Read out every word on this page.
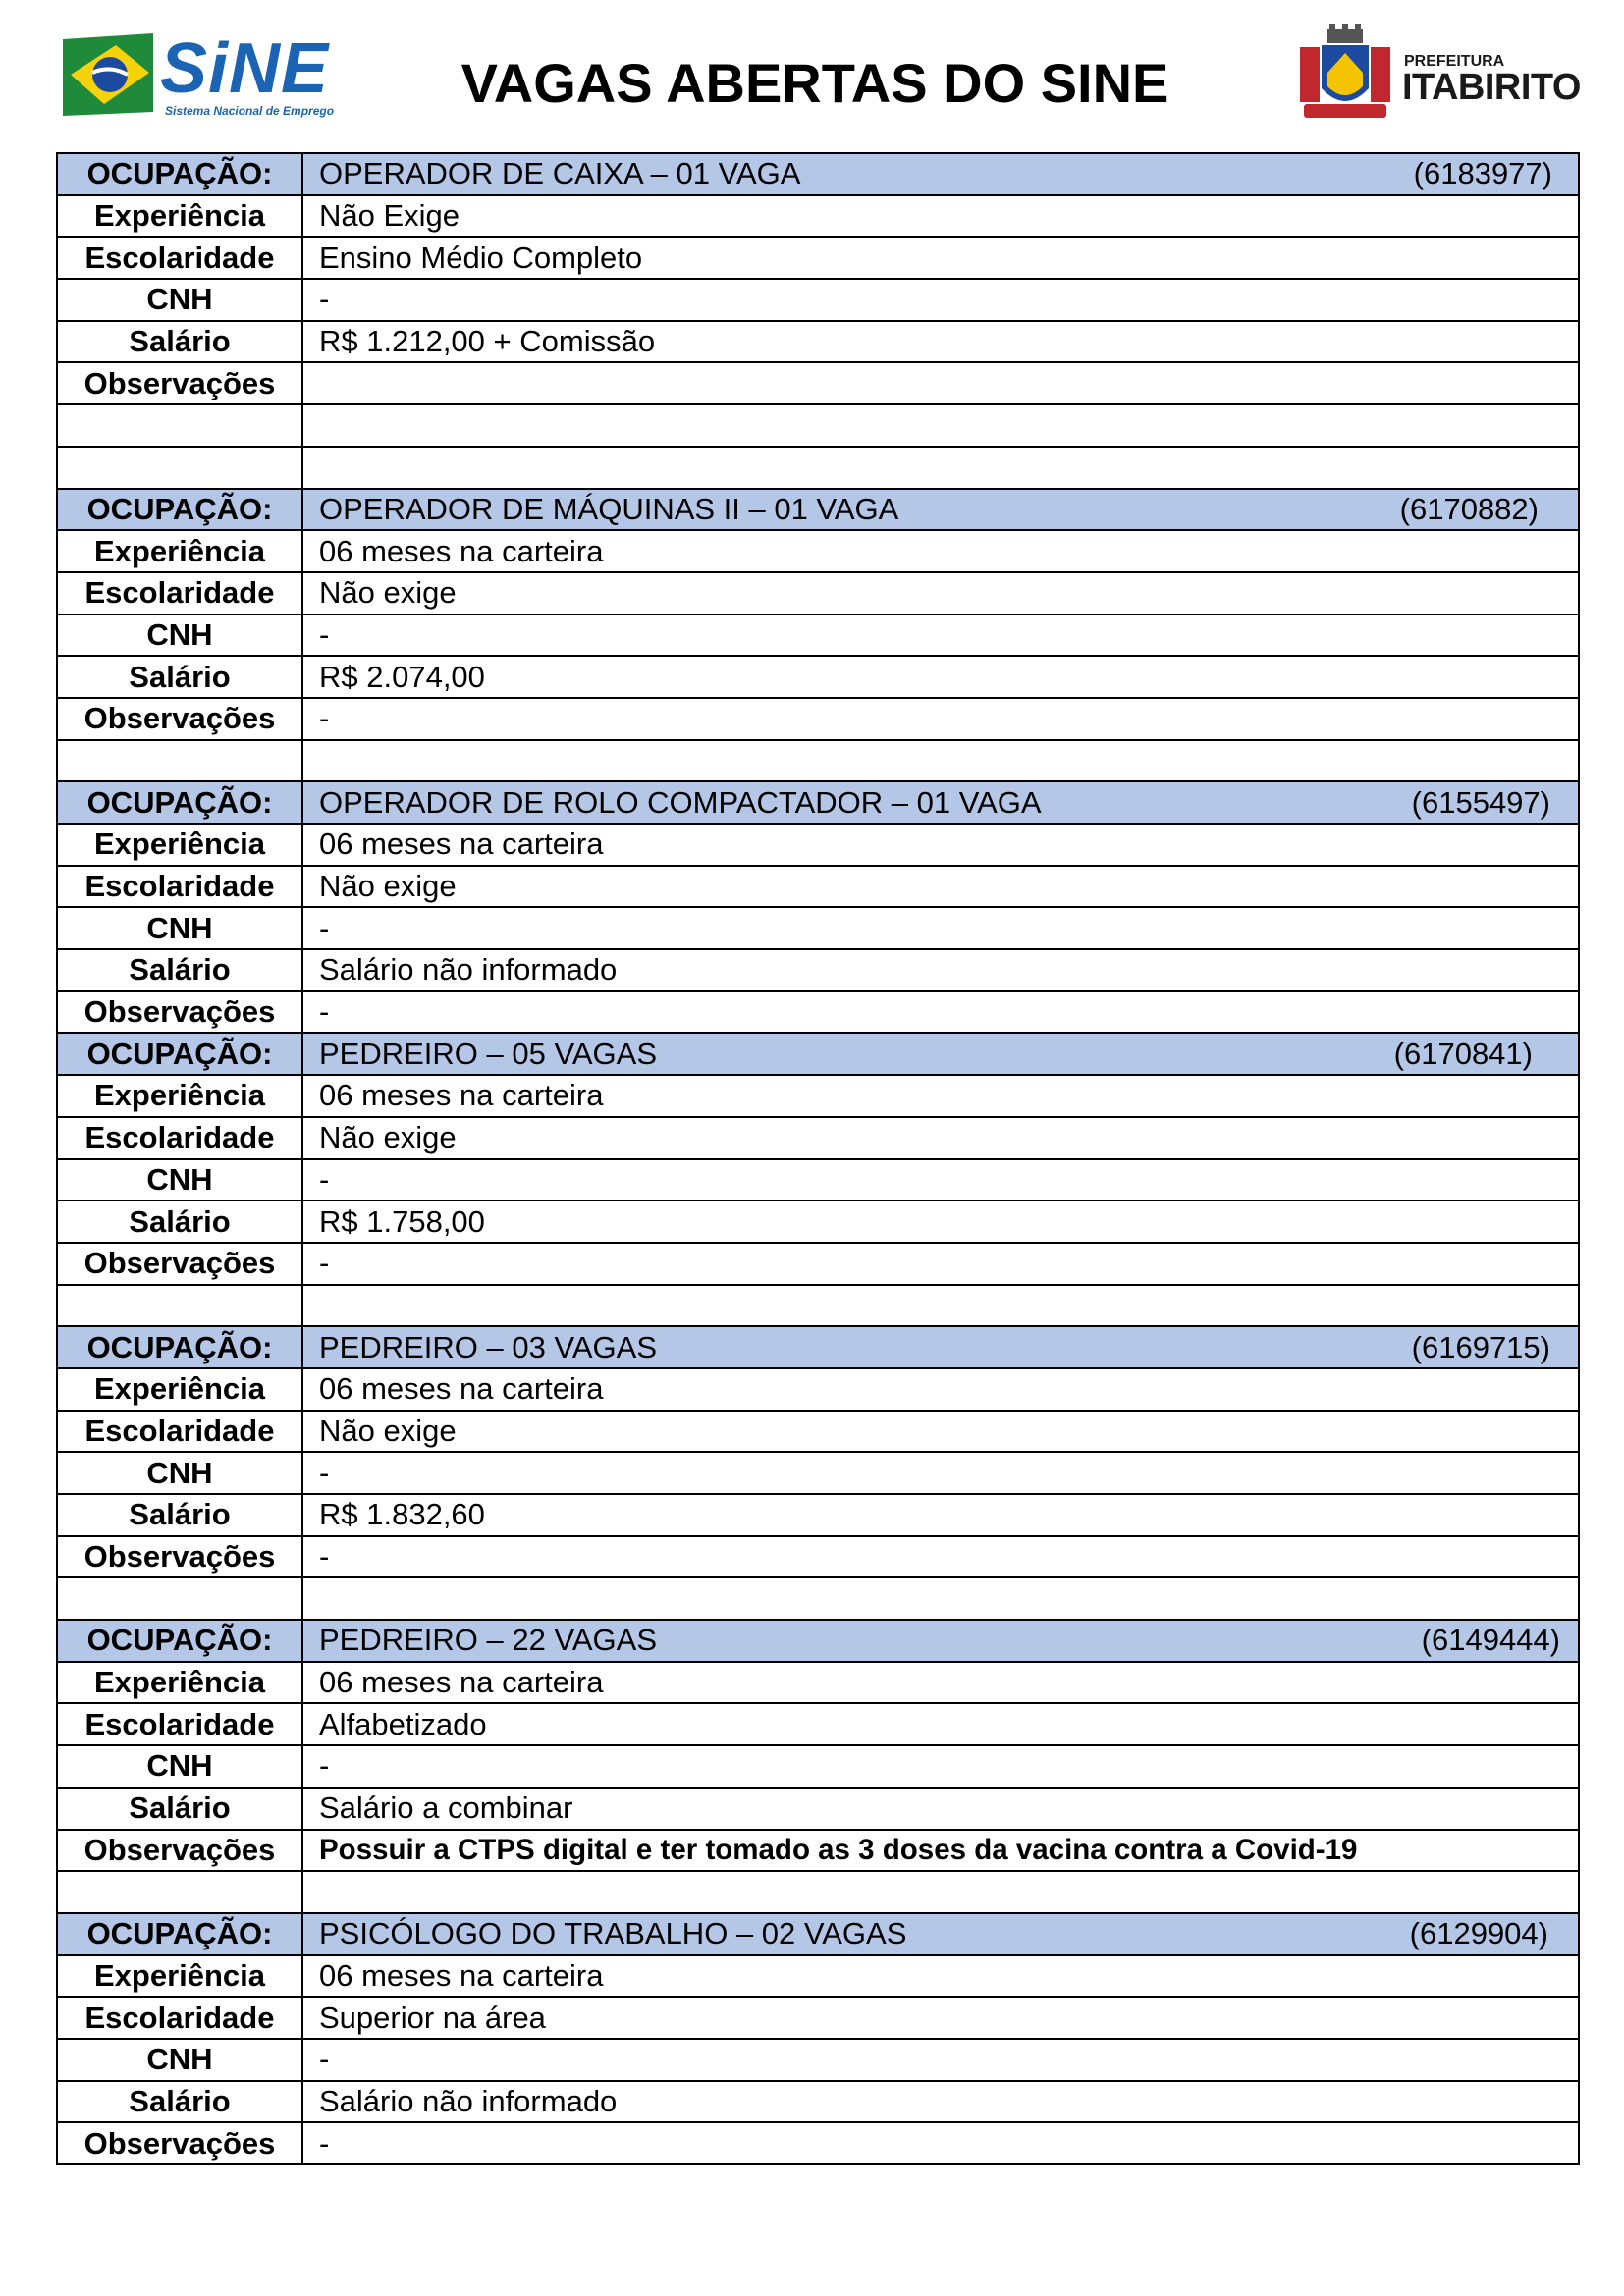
SiNE
Sistema Nacional de Emprego	VAGAS ABERTAS DO SINE	PREFEITURA
ITABIRITO
OCUPAÇÃO:	OPERADOR DE CAIXA – 01 VAGA (6183977)

Experiência	Não Exige
Escolaridade	Ensino Médio Completo
CNH	-
Salário	R$ 1.212,00 + Comissão
Observações	

OCUPAÇÃO:	OPERADOR DE MÁQUINAS II – 01 VAGA (6170882)

Experiência	06 meses na carteira
Escolaridade	Não exige
CNH	-
Salário	R$ 2.074,00
Observações	-

OCUPAÇÃO:	OPERADOR DE ROLO COMPACTADOR – 01 VAGA (6155497)

Experiência	06 meses na carteira
Escolaridade	Não exige
CNH	-
Salário	Salário não informado
Observações	-
OCUPAÇÃO:	PEDREIRO – 05 VAGAS (6170841)

Experiência	06 meses na carteira
Escolaridade	Não exige
CNH	-
Salário	R$ 1.758,00
Observações	-

OCUPAÇÃO:	PEDREIRO – 03 VAGAS (6169715)

Experiência	06 meses na carteira
Escolaridade	Não exige
CNH	-
Salário	R$ 1.832,60
Observações	-

OCUPAÇÃO:	PEDREIRO – 22 VAGAS (6149444)

Experiência	06 meses na carteira
Escolaridade	Alfabetizado
CNH	-
Salário	Salário a combinar
Observações	Possuir a CTPS digital e ter tomado as 3 doses da vacina contra a Covid-19

OCUPAÇÃO:	PSICÓLOGO DO TRABALHO – 02 VAGAS (6129904)

Experiência	06 meses na carteira
Escolaridade	Superior na área
CNH	-
Salário	Salário não informado
Observações	-
